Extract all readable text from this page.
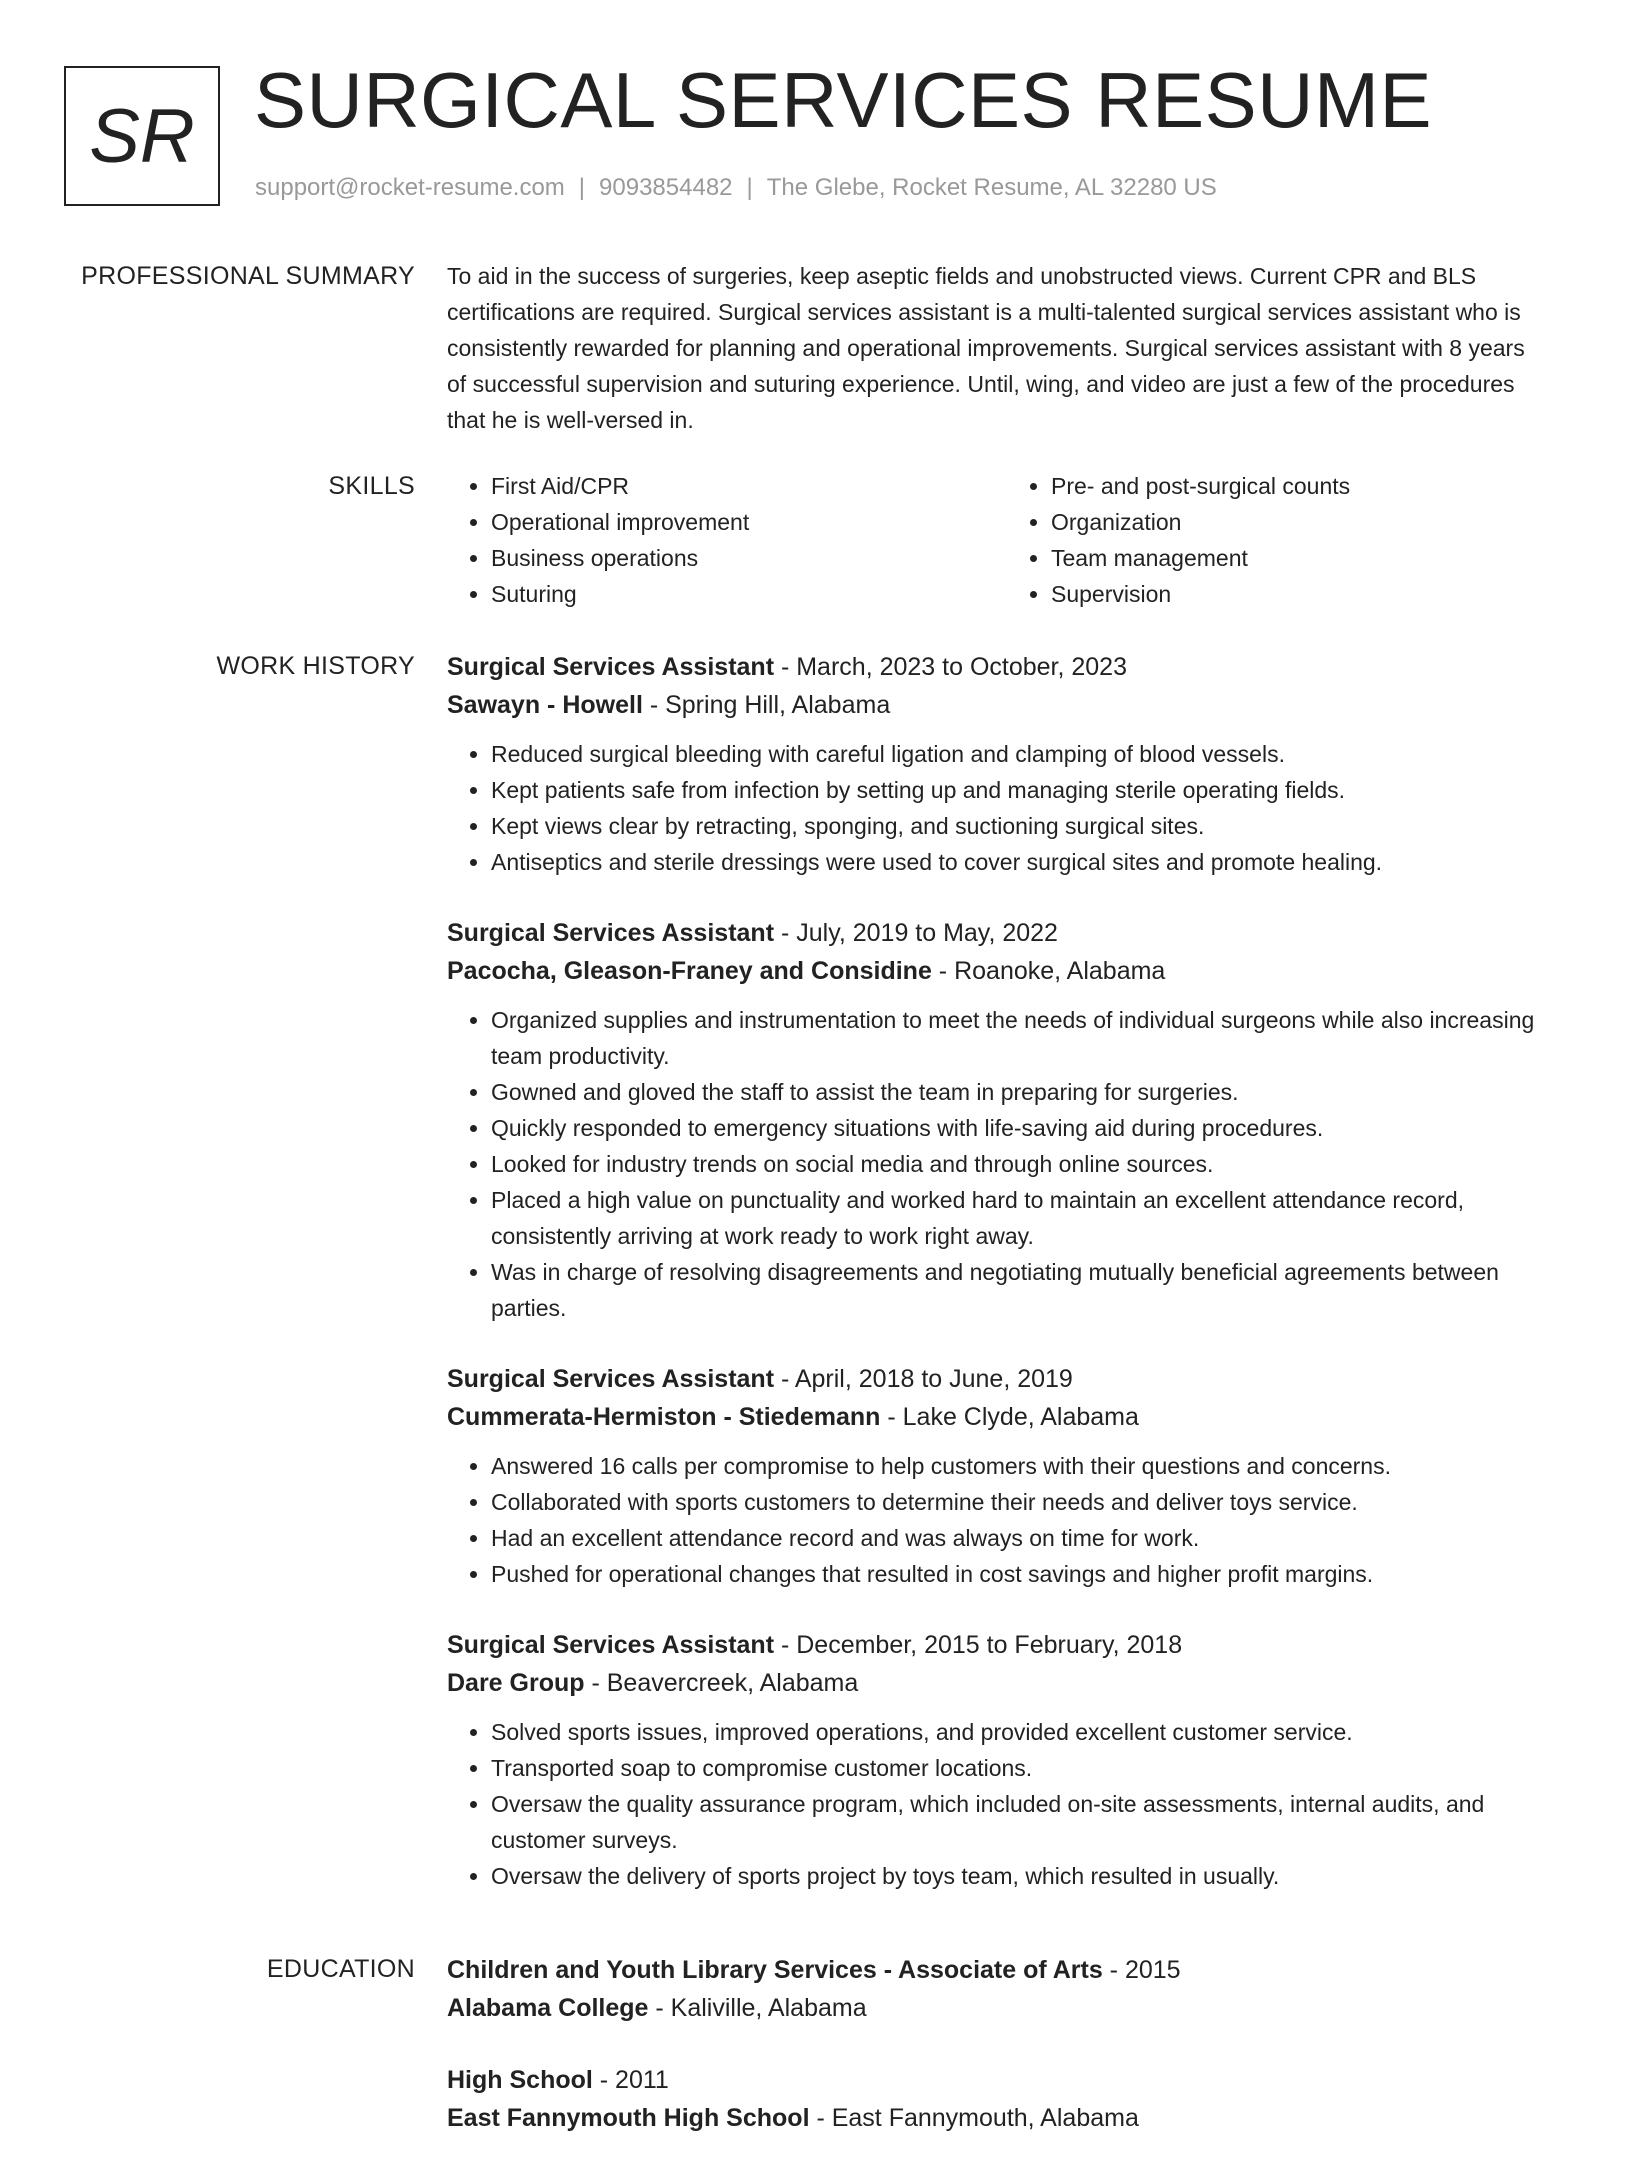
SR SURGICAL SERVICES RESUME
support@rocket-resume.com | 9093854482 | The Glebe, Rocket Resume, AL 32280 US
PROFESSIONAL SUMMARY To aid in the success of surgeries, keep aseptic fields and unobstructed views. Current CPR and BLS certifications are required. Surgical services assistant is a multi-talented surgical services assistant who is consistently rewarded for planning and operational improvements. Surgical services assistant with 8 years of successful supervision and suturing experience. Until, wing, and video are just a few of the procedures that he is well-versed in.

SKILLS
•	First Aid/CPR
• Operational improvement
• Business operations
• Suturing
• Pre- and post-surgical counts
• Organization
• Team management
• Supervision
WORK HISTORY Surgical Services Assistant - March, 2023 to October, 2023
Sawayn - Howell - Spring Hill, Alabama
• Reduced surgical bleeding with careful ligation and clamping of blood vessels.
• Kept patients safe from infection by setting up and managing sterile operating fields.
• Kept views clear by retracting, sponging, and suctioning surgical sites.
• Antiseptics and sterile dressings were used to cover surgical sites and promote healing.
Surgical Services Assistant - July, 2019 to May, 2022
Pacocha, Gleason-Franey and Considine - Roanoke, Alabama
• Organized supplies and instrumentation to meet the needs of individual surgeons while also increasing team productivity.
• Gowned and gloved the staff to assist the team in preparing for surgeries.
• Quickly responded to emergency situations with life-saving aid during procedures.
• Looked for industry trends on social media and through online sources.
• Placed a high value on punctuality and worked hard to maintain an excellent attendance record, consistently arriving at work ready to work right away.
• Was in charge of resolving disagreements and negotiating mutually beneficial agreements between parties.
Surgical Services Assistant - April, 2018 to June, 2019
Cummerata-Hermiston - Stiedemann - Lake Clyde, Alabama
• Answered 16 calls per compromise to help customers with their questions and concerns.
• Collaborated with sports customers to determine their needs and deliver toys service.
• Had an excellent attendance record and was always on time for work.
• Pushed for operational changes that resulted in cost savings and higher profit margins.
Surgical Services Assistant - December, 2015 to February, 2018
Dare Group - Beavercreek, Alabama
• Solved sports issues, improved operations, and provided excellent customer service.
• Transported soap to compromise customer locations.
• Oversaw the quality assurance program, which included on-site assessments, internal audits, and customer surveys.
• Oversaw the delivery of sports project by toys team, which resulted in usually.
EDUCATION Children and Youth Library Services - Associate of Arts - 2015
Alabama College - Kaliville, Alabama
High School - 2011
East Fannymouth High School - East Fannymouth, Alabama
